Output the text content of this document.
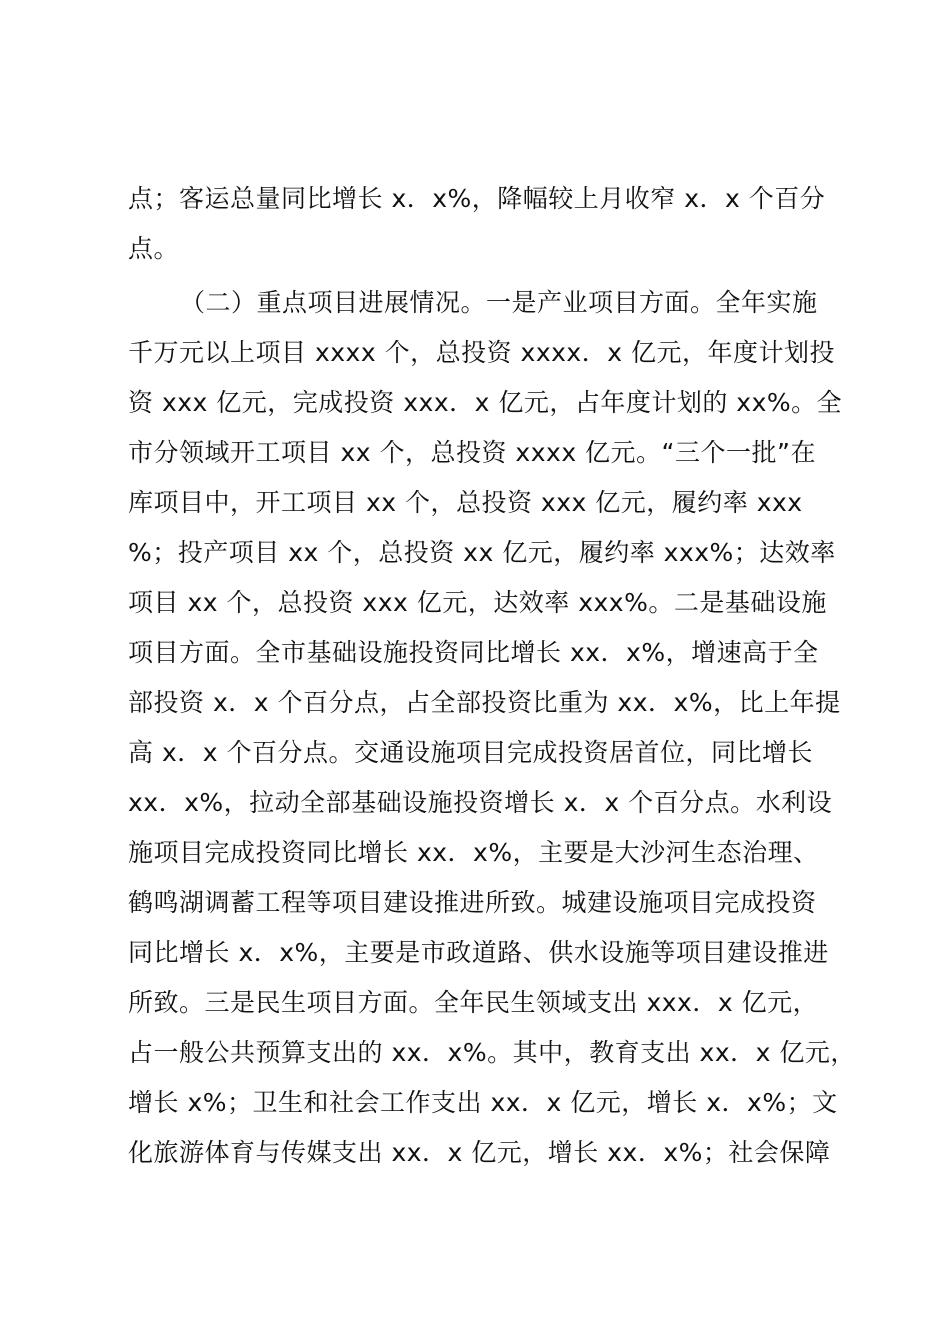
点；客运总量同比增长 x．x%，降幅较上月收窄 x．x 个百分
点。
（二）重点项目进展情况。一是产业项目方面。全年实施
千万元以上项目 xxxx 个，总投资 xxxx．x 亿元，年度计划投
资 xxx 亿元，完成投资 xxx．x 亿元，占年度计划的 xx%。全
市分领域开工项目 xx 个，总投资 xxxx 亿元。“三个一批”在
库项目中，开工项目 xx 个，总投资 xxx 亿元，履约率 xxx
%；投产项目 xx 个，总投资 xx 亿元，履约率 xxx%；达效率
项目 xx 个，总投资 xxx 亿元，达效率 xxx%。二是基础设施
项目方面。全市基础设施投资同比增长 xx．x%，增速高于全
部投资 x．x 个百分点，占全部投资比重为 xx．x%，比上年提
高 x．x 个百分点。交通设施项目完成投资居首位，同比增长
xx．x%，拉动全部基础设施投资增长 x．x 个百分点。水利设
施项目完成投资同比增长 xx．x%，主要是大沙河生态治理、
鹤鸣湖调蓄工程等项目建设推进所致。城建设施项目完成投资
同比增长 x．x%，主要是市政道路、供水设施等项目建设推进
所致。三是民生项目方面。全年民生领域支出 xxx．x 亿元，
占一般公共预算支出的 xx．x%。其中，教育支出 xx．x 亿元，
增长 x%；卫生和社会工作支出 xx．x 亿元，增长 x．x%；文
化旅游体育与传媒支出 xx．x 亿元，增长 xx．x%；社会保障
